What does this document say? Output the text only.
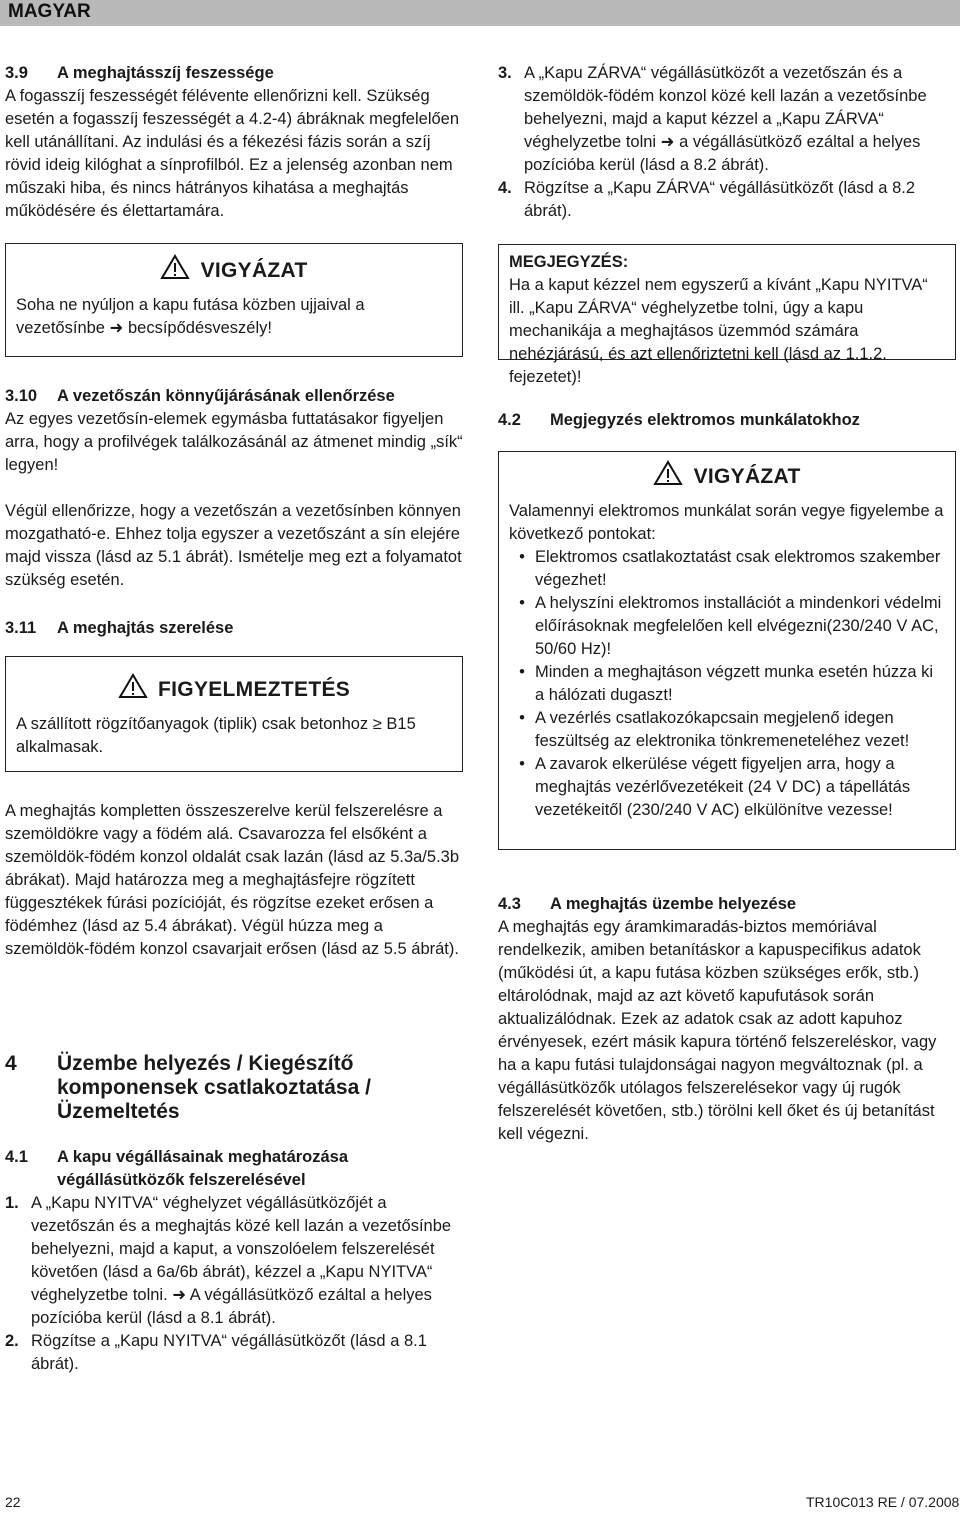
MAGYAR
3.9	A meghajtásszíj feszessége

A fogasszíj feszességét félévente ellenőrizni kell. Szükség esetén a fogasszíj feszességét a 4.2-4) ábráknak megfelelően kell utánállítani. Az indulási és a fékezési fázis során a szíj rövid ideig kilóghat a sínprofilból. Ez a jelenség azonban nem műszaki hiba, és nincs hátrányos kihatása a meghajtás működésére és élettartamára.

VIGYÁZAT

Soha ne nyúljon a kapu futása közben ujjaival a vezetősínbe ➜ becsípődésveszély!

3.10	A vezetőszán könnyűjárásának ellenőrzése

Az egyes vezetősín-elemek egymásba futtatásakor figyeljen arra, hogy a profilvégek találkozásánál az átmenet mindig „sík“ legyen!

Végül ellenőrizze, hogy a vezetőszán a vezetősínben könnyen mozgatható-e. Ehhez tolja egyszer a vezetőszánt a sín elejére majd vissza (lásd az 5.1 ábrát). Ismételje meg ezt a folyamatot szükség esetén.

3.11	A meghajtás szerelése
FIGYELMEZTETÉS

A szállított rögzítőanyagok (tiplik) csak betonhoz ≥ B15 alkalmasak.

A meghajtás kompletten összeszerelve kerül felszerelésre a szemöldökre vagy a födém alá. Csavarozza fel elsőként a szemöldök-födém konzol oldalát csak lazán (lásd az 5.3a/5.3b ábrákat). Majd határozza meg a meghajtásfejre rögzített függesztékek fúrási pozícióját, és rögzítse ezeket erősen a födémhez (lásd az 5.4 ábrákat). Végül húzza meg a szemöldök-födém konzol csavarjait erősen (lásd az 5.5 ábrát).

4	Üzembe helyezés / Kiegészítő komponensek csatlakoztatása / Üzemeltetés
4.1	A kapu végállásainak meghatározása végállásütközők felszerelésével
1. A „Kapu NYITVA“ véghelyzet végállásütközőjét a vezetőszán és a meghajtás közé kell lazán a vezetősínbe behelyezni, majd a kaput, a vonszolóelem felszerelését követően (lásd a 6a/6b ábrát), kézzel a „Kapu NYITVA“ véghelyzetbe tolni. ➜ A végállásütköző ezáltal a helyes pozícióba kerül (lásd a 8.1 ábrát).
2. Rögzítse a „Kapu NYITVA“ végállásütközőt (lásd a 8.1 ábrát).
3. A „Kapu ZÁRVA“ végállásütközőt a vezetőszán és a szemöldök-födém konzol közé kell lazán a vezetősínbe behelyezni, majd a kaput kézzel a „Kapu ZÁRVA“ véghelyzetbe tolni ➜ a végállásütköző ezáltal a helyes pozícióba kerül (lásd a 8.2 ábrát).
4. Rögzítse a „Kapu ZÁRVA“ végállásütközőt (lásd a 8.2 ábrát).
MEGJEGYZÉS:

Ha a kaput kézzel nem egyszerű a kívánt „Kapu NYITVA“ ill. „Kapu ZÁRVA“ véghelyzetbe tolni, úgy a kapu mechanikája a meghajtásos üzemmód számára nehézjárású, és azt ellenőriztetni kell (lásd az 1.1.2. fejezetet)!

4.2	Megjegyzés elektromos munkálatokhoz
VIGYÁZAT

Valamennyi elektromos munkálat során vegye figyelembe a következő pontokat:

• Elektromos csatlakoztatást csak elektromos szakember végezhet!
• A helyszíni elektromos installációt a mindenkori védelmi előírásoknak megfelelően kell elvégezni(230/240 V AC, 50/60 Hz)!
• Minden a meghajtáson végzett munka esetén húzza ki a hálózati dugaszt!
• A vezérlés csatlakozókapcsain megjelenő idegen feszültség az elektronika tönkremeneteléhez vezet!
• A zavarok elkerülése végett figyeljen arra, hogy a meghajtás vezérlővezetékeit (24 V DC) a tápellátás vezetékeitől (230/240 V AC) elkülönítve vezesse!
4.3	A meghajtás üzembe helyezése

A meghajtás egy áramkimaradás-biztos memóriával rendelkezik, amiben betanításkor a kapuspecifikus adatok (működési út, a kapu futása közben szükséges erők, stb.) eltárolódnak, majd az azt követő kapufutások során aktualizálódnak. Ezek az adatok csak az adott kapuhoz érvényesek, ezért másik kapura történő felszereléskor, vagy ha a kapu futási tulajdonságai nagyon megváltoznak (pl. a végállásütközők utólagos felszerelésekor vagy új rugók felszerelését követően, stb.) törölni kell őket és új betanítást kell végezni.

22	TR10C013 RE / 07.2008
